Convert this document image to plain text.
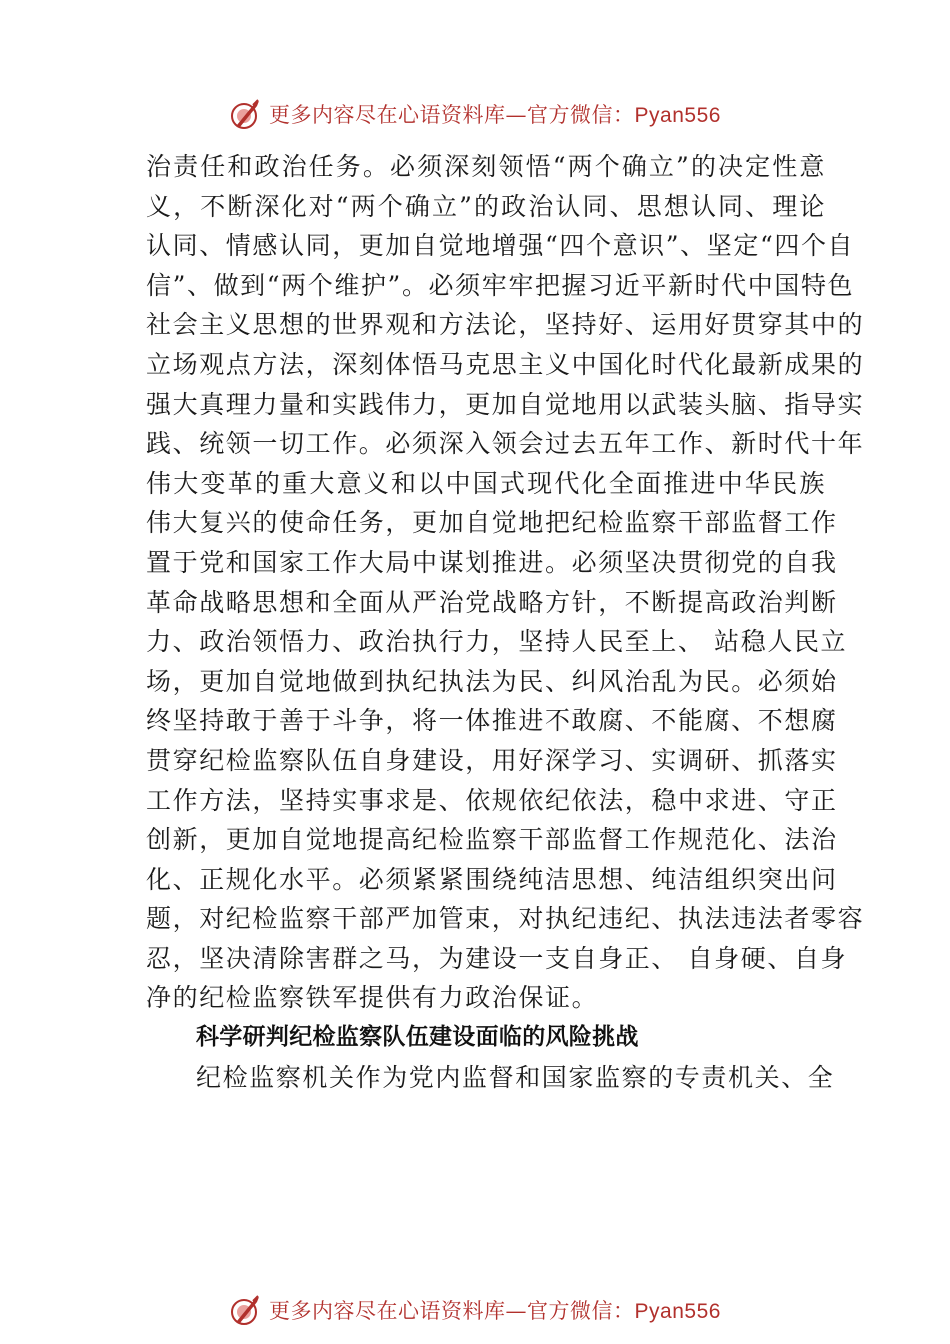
更多内容尽在心语资料库—官方微信：Pyan556
治责任和政治任务。必须深刻领悟“两个确立”的决定性意
义，不断深化对“两个确立”的政治认同、思想认同、理论
认同、情感认同，更加自觉地增强“四个意识”、坚定“四个自
信”、做到“两个维护”。必须牢牢把握习近平新时代中国特色
社会主义思想的世界观和方法论，坚持好、运用好贯穿其中的
立场观点方法，深刻体悟马克思主义中国化时代化最新成果的
强大真理力量和实践伟力，更加自觉地用以武装头脑、指导实
践、统领一切工作。必须深入领会过去五年工作、新时代十年
伟大变革的重大意义和以中国式现代化全面推进中华民族
伟大复兴的使命任务，更加自觉地把纪检监察干部监督工作
置于党和国家工作大局中谋划推进。必须坚决贯彻党的自我
革命战略思想和全面从严治党战略方针，不断提高政治判断
力、政治领悟力、政治执行力，坚持人民至上、 站稳人民立
场，更加自觉地做到执纪执法为民、纠风治乱为民。必须始
终坚持敢于善于斗争，将一体推进不敢腐、不能腐、不想腐
贯穿纪检监察队伍自身建设，用好深学习、实调研、抓落实
工作方法，坚持实事求是、依规依纪依法，稳中求进、守正
创新，更加自觉地提高纪检监察干部监督工作规范化、法治
化、正规化水平。必须紧紧围绕纯洁思想、纯洁组织突出问
题，对纪检监察干部严加管束，对执纪违纪、执法违法者零容
忍，坚决清除害群之马，为建设一支自身正、 自身硬、自身
净的纪检监察铁军提供有力政治保证。
科学研判纪检监察队伍建设面临的风险挑战
纪检监察机关作为党内监督和国家监察的专责机关、全
更多内容尽在心语资料库—官方微信：Pyan556
